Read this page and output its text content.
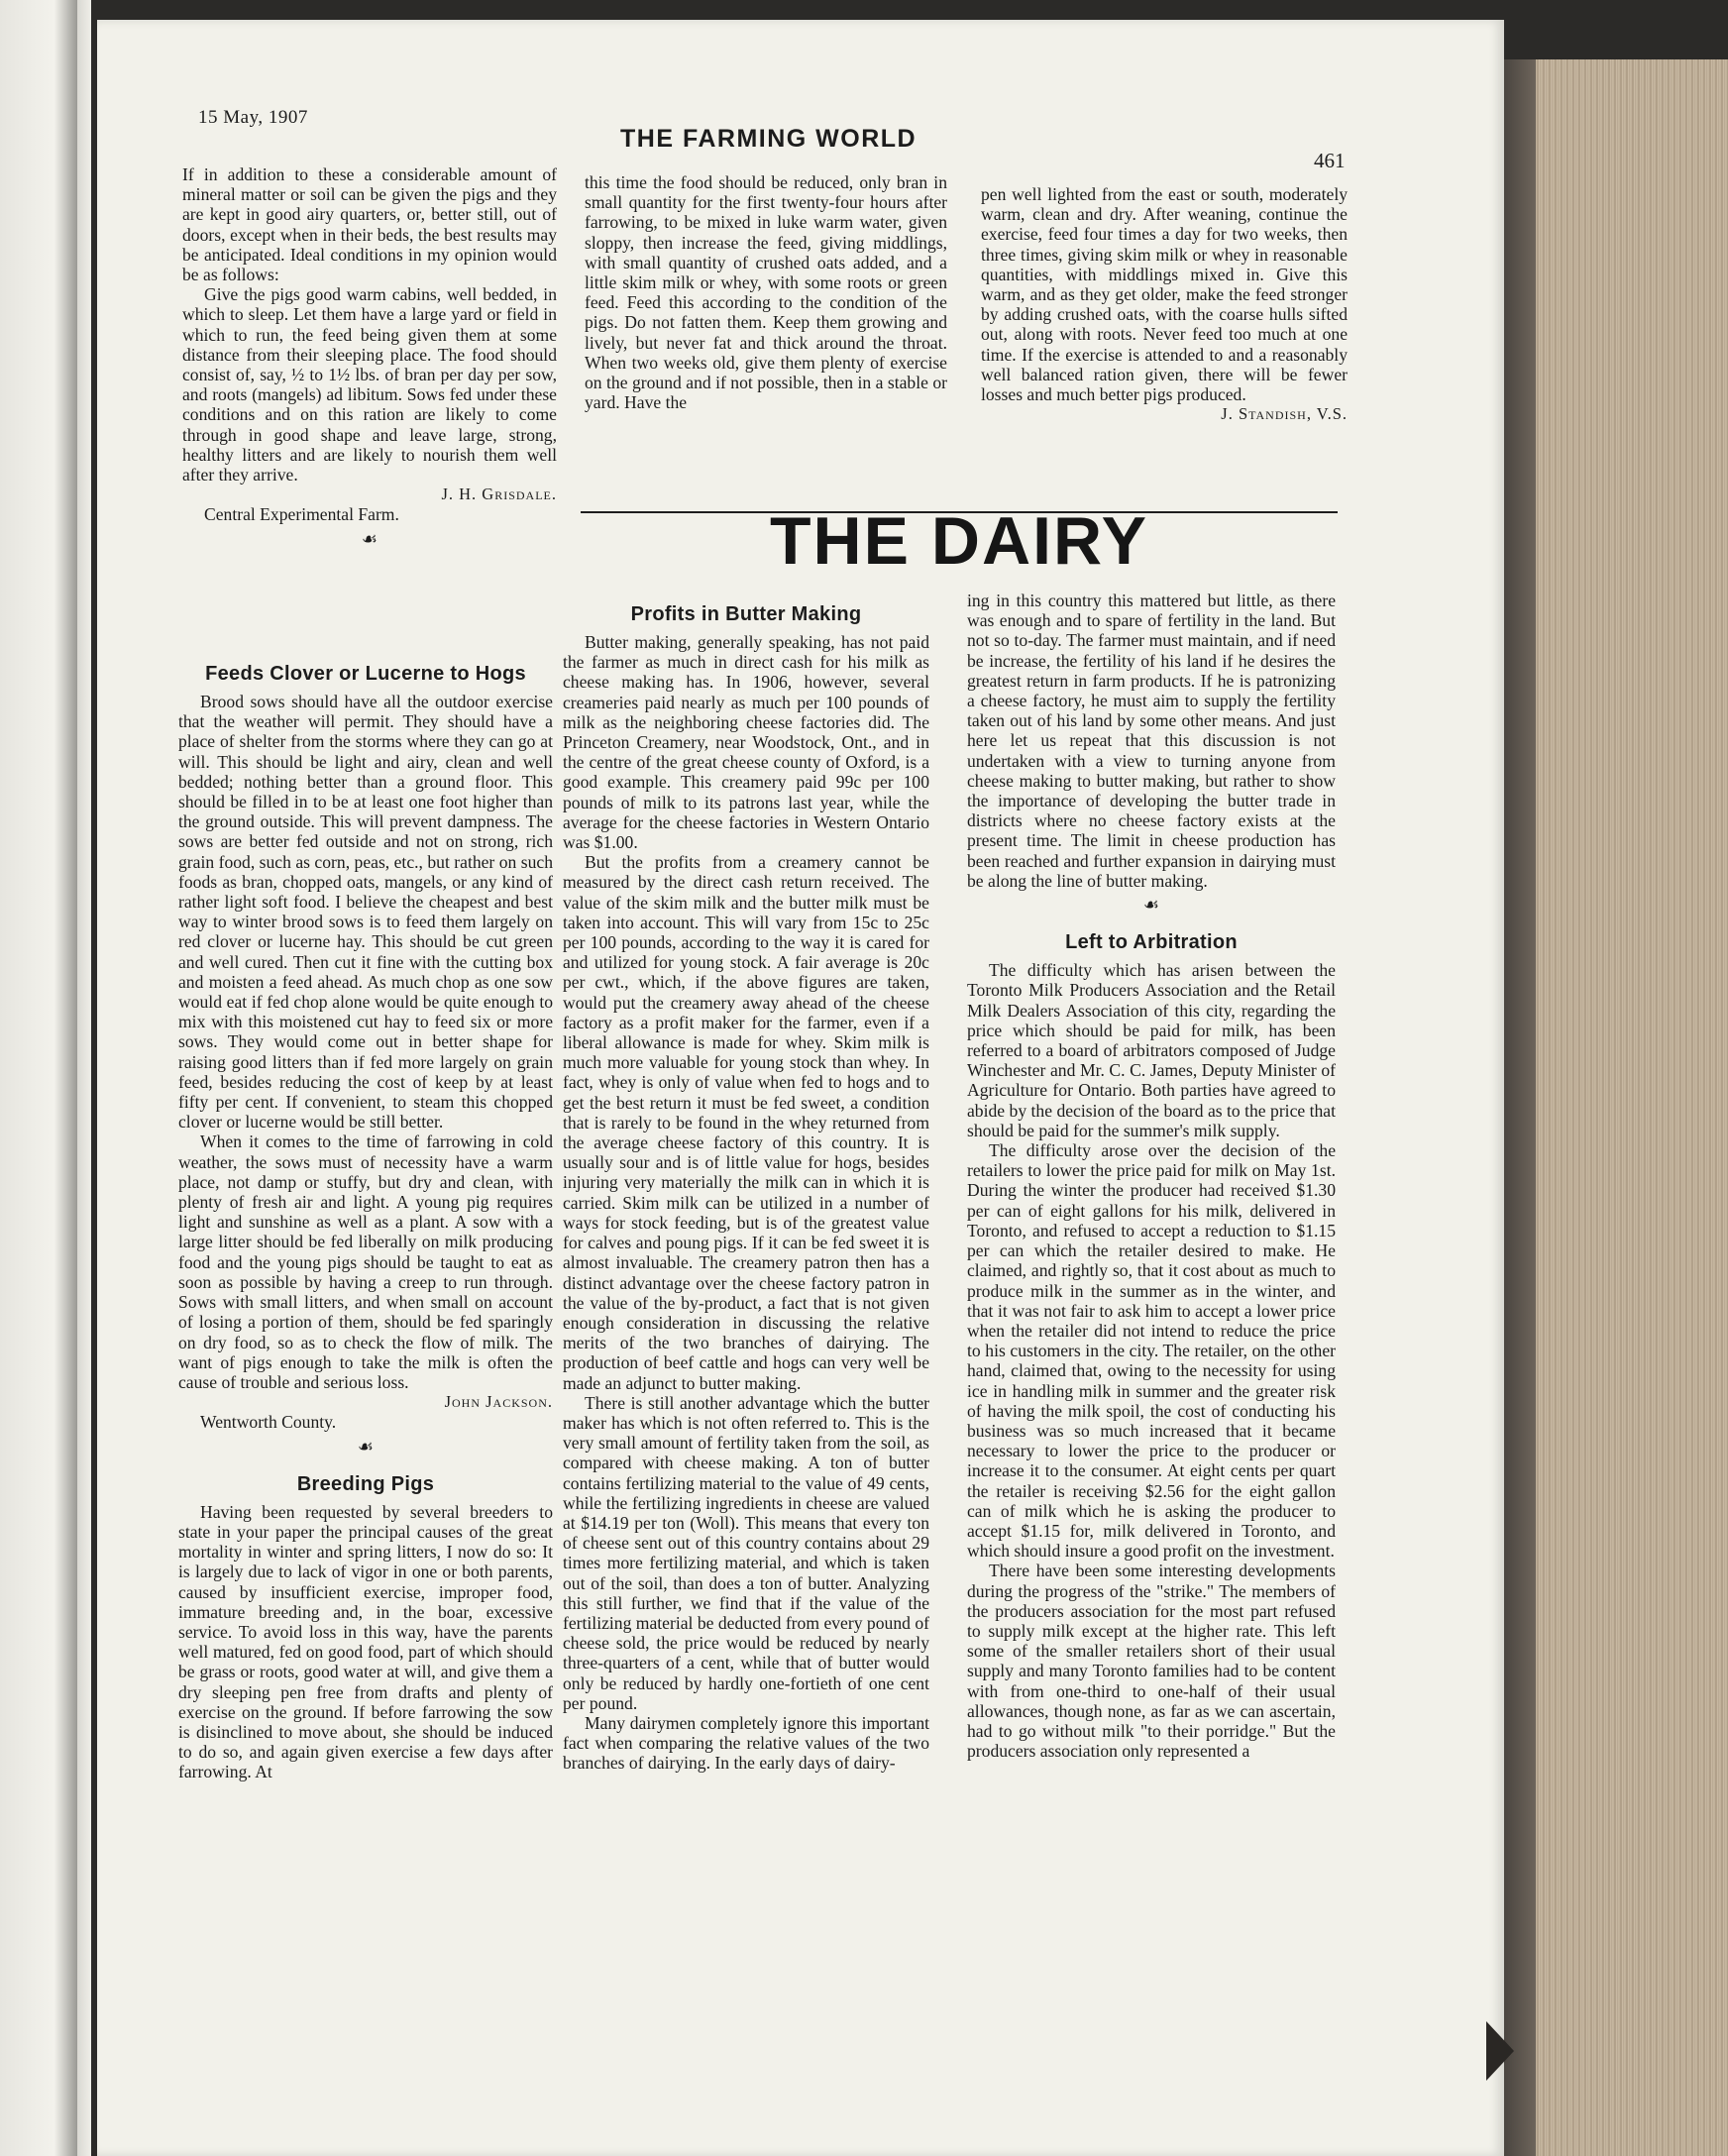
15 May, 1907
THE FARMING WORLD
461

If in addition to these a considerable amount of mineral matter or soil can be given the pigs and they are kept in good airy quarters, or, better still, out of doors, except when in their beds, the best results may be anticipated. Ideal conditions in my opinion would be as follows:

Give the pigs good warm cabins, well bedded, in which to sleep. Let them have a large yard or field in which to run, the feed being given them at some distance from their sleeping place. The food should consist of, say, ½ to 1½ lbs. of bran per day per sow, and roots (mangels) ad libitum. Sows fed under these conditions and on this ration are likely to come through in good shape and leave large, strong, healthy litters and are likely to nourish them well after they arrive.

J. H. Grisdale.

Central Experimental Farm.

☙
Feeds Clover or Lucerne to Hogs

Brood sows should have all the outdoor exercise that the weather will permit. They should have a place of shelter from the storms where they can go at will. This should be light and airy, clean and well bedded; nothing better than a ground floor. This should be filled in to be at least one foot higher than the ground outside. This will prevent dampness. The sows are better fed outside and not on strong, rich grain food, such as corn, peas, etc., but rather on such foods as bran, chopped oats, mangels, or any kind of rather light soft food. I believe the cheapest and best way to winter brood sows is to feed them largely on red clover or lucerne hay. This should be cut green and well cured. Then cut it fine with the cutting box and moisten a feed ahead. As much chop as one sow would eat if fed chop alone would be quite enough to mix with this moistened cut hay to feed six or more sows. They would come out in better shape for raising good litters than if fed more largely on grain feed, besides reducing the cost of keep by at least fifty per cent. If convenient, to steam this chopped clover or lucerne would be still better.

When it comes to the time of farrowing in cold weather, the sows must of necessity have a warm place, not damp or stuffy, but dry and clean, with plenty of fresh air and light. A young pig requires light and sunshine as well as a plant. A sow with a large litter should be fed liberally on milk producing food and the young pigs should be taught to eat as soon as possible by having a creep to run through. Sows with small litters, and when small on account of losing a portion of them, should be fed sparingly on dry food, so as to check the flow of milk. The want of pigs enough to take the milk is often the cause of trouble and serious loss.

John Jackson.

Wentworth County.

☙
Breeding Pigs

Having been requested by several breeders to state in your paper the principal causes of the great mortality in winter and spring litters, I now do so: It is largely due to lack of vigor in one or both parents, caused by insufficient exercise, improper food, immature breeding and, in the boar, excessive service. To avoid loss in this way, have the parents well matured, fed on good food, part of which should be grass or roots, good water at will, and give them a dry sleeping pen free from drafts and plenty of exercise on the ground. If before farrowing the sow is disinclined to move about, she should be induced to do so, and again given exercise a few days after farrowing. At

this time the food should be reduced, only bran in small quantity for the first twenty-four hours after farrowing, to be mixed in luke warm water, given sloppy, then increase the feed, giving middlings, with small quantity of crushed oats added, and a little skim milk or whey, with some roots or green feed. Feed this according to the condition of the pigs. Do not fatten them. Keep them growing and lively, but never fat and thick around the throat. When two weeks old, give them plenty of exercise on the ground and if not possible, then in a stable or yard. Have the

pen well lighted from the east or south, moderately warm, clean and dry. After weaning, continue the exercise, feed four times a day for two weeks, then three times, giving skim milk or whey in reasonable quantities, with middlings mixed in. Give this warm, and as they get older, make the feed stronger by adding crushed oats, with the coarse hulls sifted out, along with roots. Never feed too much at one time. If the exercise is attended to and a reasonably well balanced ration given, there will be fewer losses and much better pigs produced.

J. Standish, V.S.

THE DAIRY
Profits in Butter Making

Butter making, generally speaking, has not paid the farmer as much in direct cash for his milk as cheese making has. In 1906, however, several creameries paid nearly as much per 100 pounds of milk as the neighboring cheese factories did. The Princeton Creamery, near Woodstock, Ont., and in the centre of the great cheese county of Oxford, is a good example. This creamery paid 99c per 100 pounds of milk to its patrons last year, while the average for the cheese factories in Western Ontario was $1.00.

But the profits from a creamery cannot be measured by the direct cash return received. The value of the skim milk and the butter milk must be taken into account. This will vary from 15c to 25c per 100 pounds, according to the way it is cared for and utilized for young stock. A fair average is 20c per cwt., which, if the above figures are taken, would put the creamery away ahead of the cheese factory as a profit maker for the farmer, even if a liberal allowance is made for whey. Skim milk is much more valuable for young stock than whey. In fact, whey is only of value when fed to hogs and to get the best return it must be fed sweet, a condition that is rarely to be found in the whey returned from the average cheese factory of this country. It is usually sour and is of little value for hogs, besides injuring very materially the milk can in which it is carried. Skim milk can be utilized in a number of ways for stock feeding, but is of the greatest value for calves and poung pigs. If it can be fed sweet it is almost invaluable. The creamery patron then has a distinct advantage over the cheese factory patron in the value of the by-product, a fact that is not given enough consideration in discussing the relative merits of the two branches of dairying. The production of beef cattle and hogs can very well be made an adjunct to butter making.

There is still another advantage which the butter maker has which is not often referred to. This is the very small amount of fertility taken from the soil, as compared with cheese making. A ton of butter contains fertilizing material to the value of 49 cents, while the fertilizing ingredients in cheese are valued at $14.19 per ton (Woll). This means that every ton of cheese sent out of this country contains about 29 times more fertilizing material, and which is taken out of the soil, than does a ton of butter. Analyzing this still further, we find that if the value of the fertilizing material be deducted from every pound of cheese sold, the price would be reduced by nearly three-quarters of a cent, while that of butter would only be reduced by hardly one-fortieth of one cent per pound.

Many dairymen completely ignore this important fact when comparing the relative values of the two branches of dairying. In the early days of dairy-

ing in this country this mattered but little, as there was enough and to spare of fertility in the land. But not so to-day. The farmer must maintain, and if need be increase, the fertility of his land if he desires the greatest return in farm products. If he is patronizing a cheese factory, he must aim to supply the fertility taken out of his land by some other means. And just here let us repeat that this discussion is not undertaken with a view to turning anyone from cheese making to butter making, but rather to show the importance of developing the butter trade in districts where no cheese factory exists at the present time. The limit in cheese production has been reached and further expansion in dairying must be along the line of butter making.

☙
Left to Arbitration

The difficulty which has arisen between the Toronto Milk Producers Association and the Retail Milk Dealers Association of this city, regarding the price which should be paid for milk, has been referred to a board of arbitrators composed of Judge Winchester and Mr. C. C. James, Deputy Minister of Agriculture for Ontario. Both parties have agreed to abide by the decision of the board as to the price that should be paid for the summer's milk supply.

The difficulty arose over the decision of the retailers to lower the price paid for milk on May 1st. During the winter the producer had received $1.30 per can of eight gallons for his milk, delivered in Toronto, and refused to accept a reduction to $1.15 per can which the retailer desired to make. He claimed, and rightly so, that it cost about as much to produce milk in the summer as in the winter, and that it was not fair to ask him to accept a lower price when the retailer did not intend to reduce the price to his customers in the city. The retailer, on the other hand, claimed that, owing to the necessity for using ice in handling milk in summer and the greater risk of having the milk spoil, the cost of conducting his business was so much increased that it became necessary to lower the price to the producer or increase it to the consumer. At eight cents per quart the retailer is receiving $2.56 for the eight gallon can of milk which he is asking the producer to accept $1.15 for, milk delivered in Toronto, and which should insure a good profit on the investment.

There have been some interesting developments during the progress of the "strike." The members of the producers association for the most part refused to supply milk except at the higher rate. This left some of the smaller retailers short of their usual supply and many Toronto families had to be content with from one-third to one-half of their usual allowances, though none, as far as we can ascertain, had to go without milk "to their porridge." But the producers association only represented a
